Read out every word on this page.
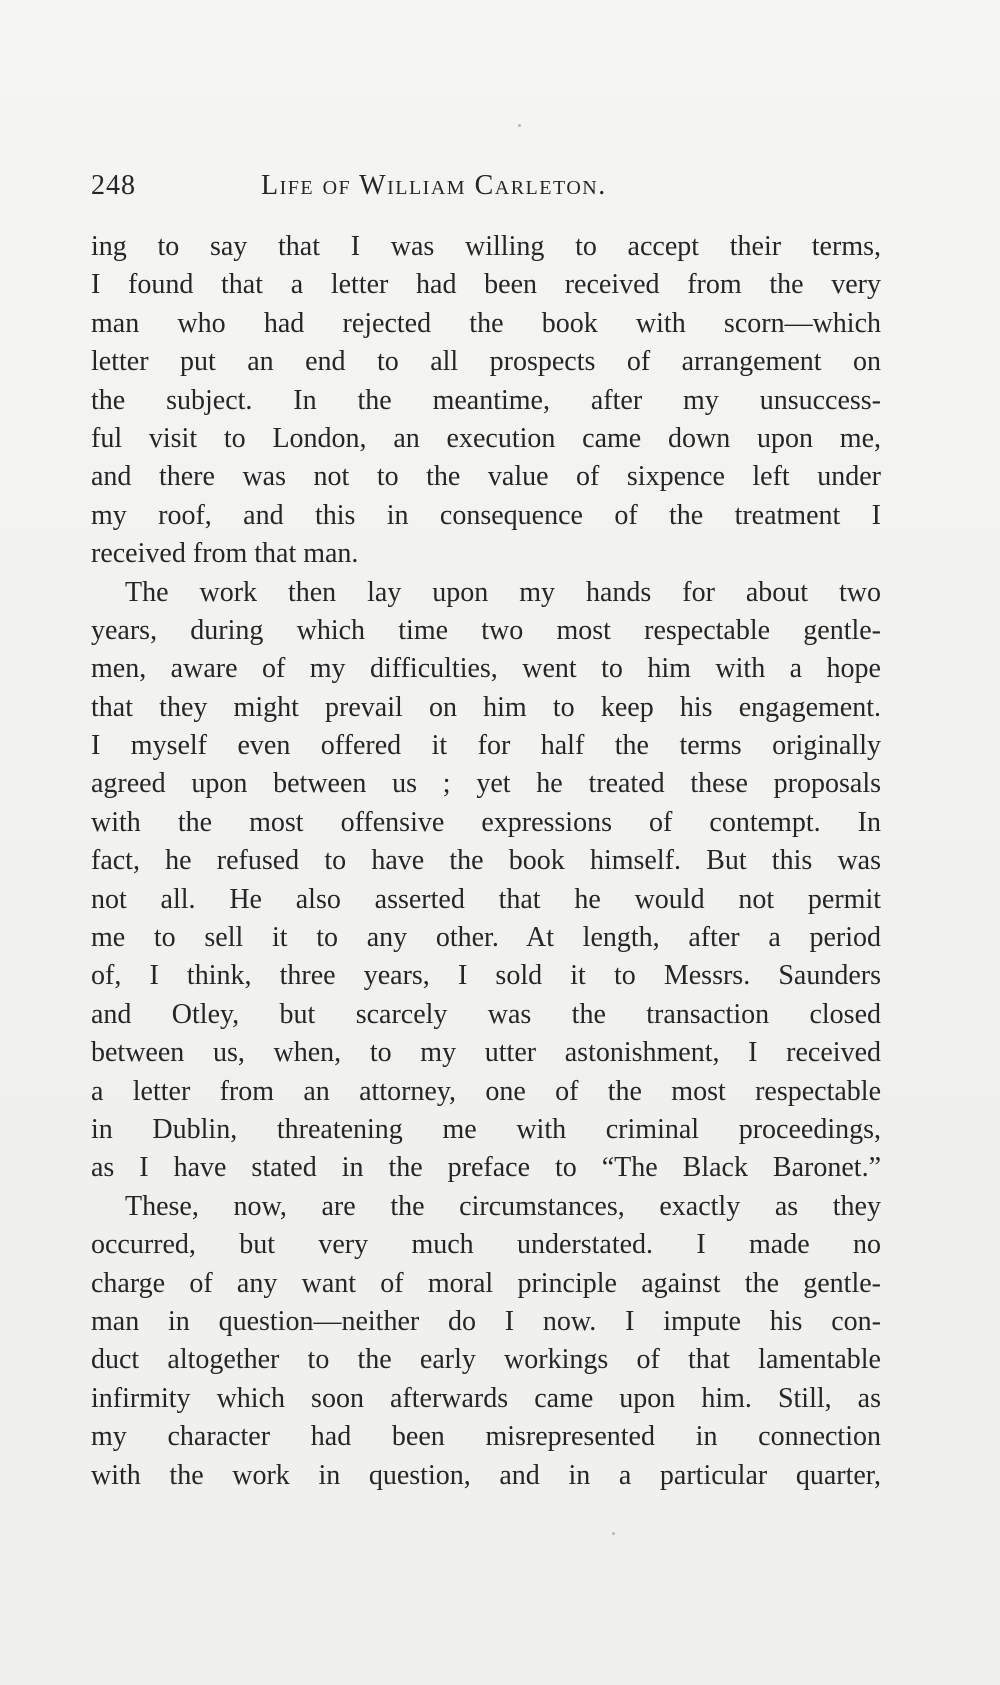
248	Life of William Carleton.
ing to say that I was willing to accept their terms,
I found that a letter had been received from the very
man who had rejected the book with scorn—which
letter put an end to all prospects of arrangement on
the subject. In the meantime, after my unsuccess-
ful visit to London, an execution came down upon me,
and there was not to the value of sixpence left under
my roof, and this in consequence of the treatment I
received from that man.
The work then lay upon my hands for about two
years, during which time two most respectable gentle-
men, aware of my difficulties, went to him with a hope
that they might prevail on him to keep his engagement.
I myself even offered it for half the terms originally
agreed upon between us ; yet he treated these proposals
with the most offensive expressions of contempt. In
fact, he refused to have the book himself. But this was
not all. He also asserted that he would not permit
me to sell it to any other. At length, after a period
of, I think, three years, I sold it to Messrs. Saunders
and Otley, but scarcely was the transaction closed
between us, when, to my utter astonishment, I received
a letter from an attorney, one of the most respectable
in Dublin, threatening me with criminal proceedings,
as I have stated in the preface to “The Black Baronet.”
These, now, are the circumstances, exactly as they
occurred, but very much understated. I made no
charge of any want of moral principle against the gentle-
man in question—neither do I now. I impute his con-
duct altogether to the early workings of that lamentable
infirmity which soon afterwards came upon him. Still, as
my character had been misrepresented in connection
with the work in question, and in a particular quarter,
